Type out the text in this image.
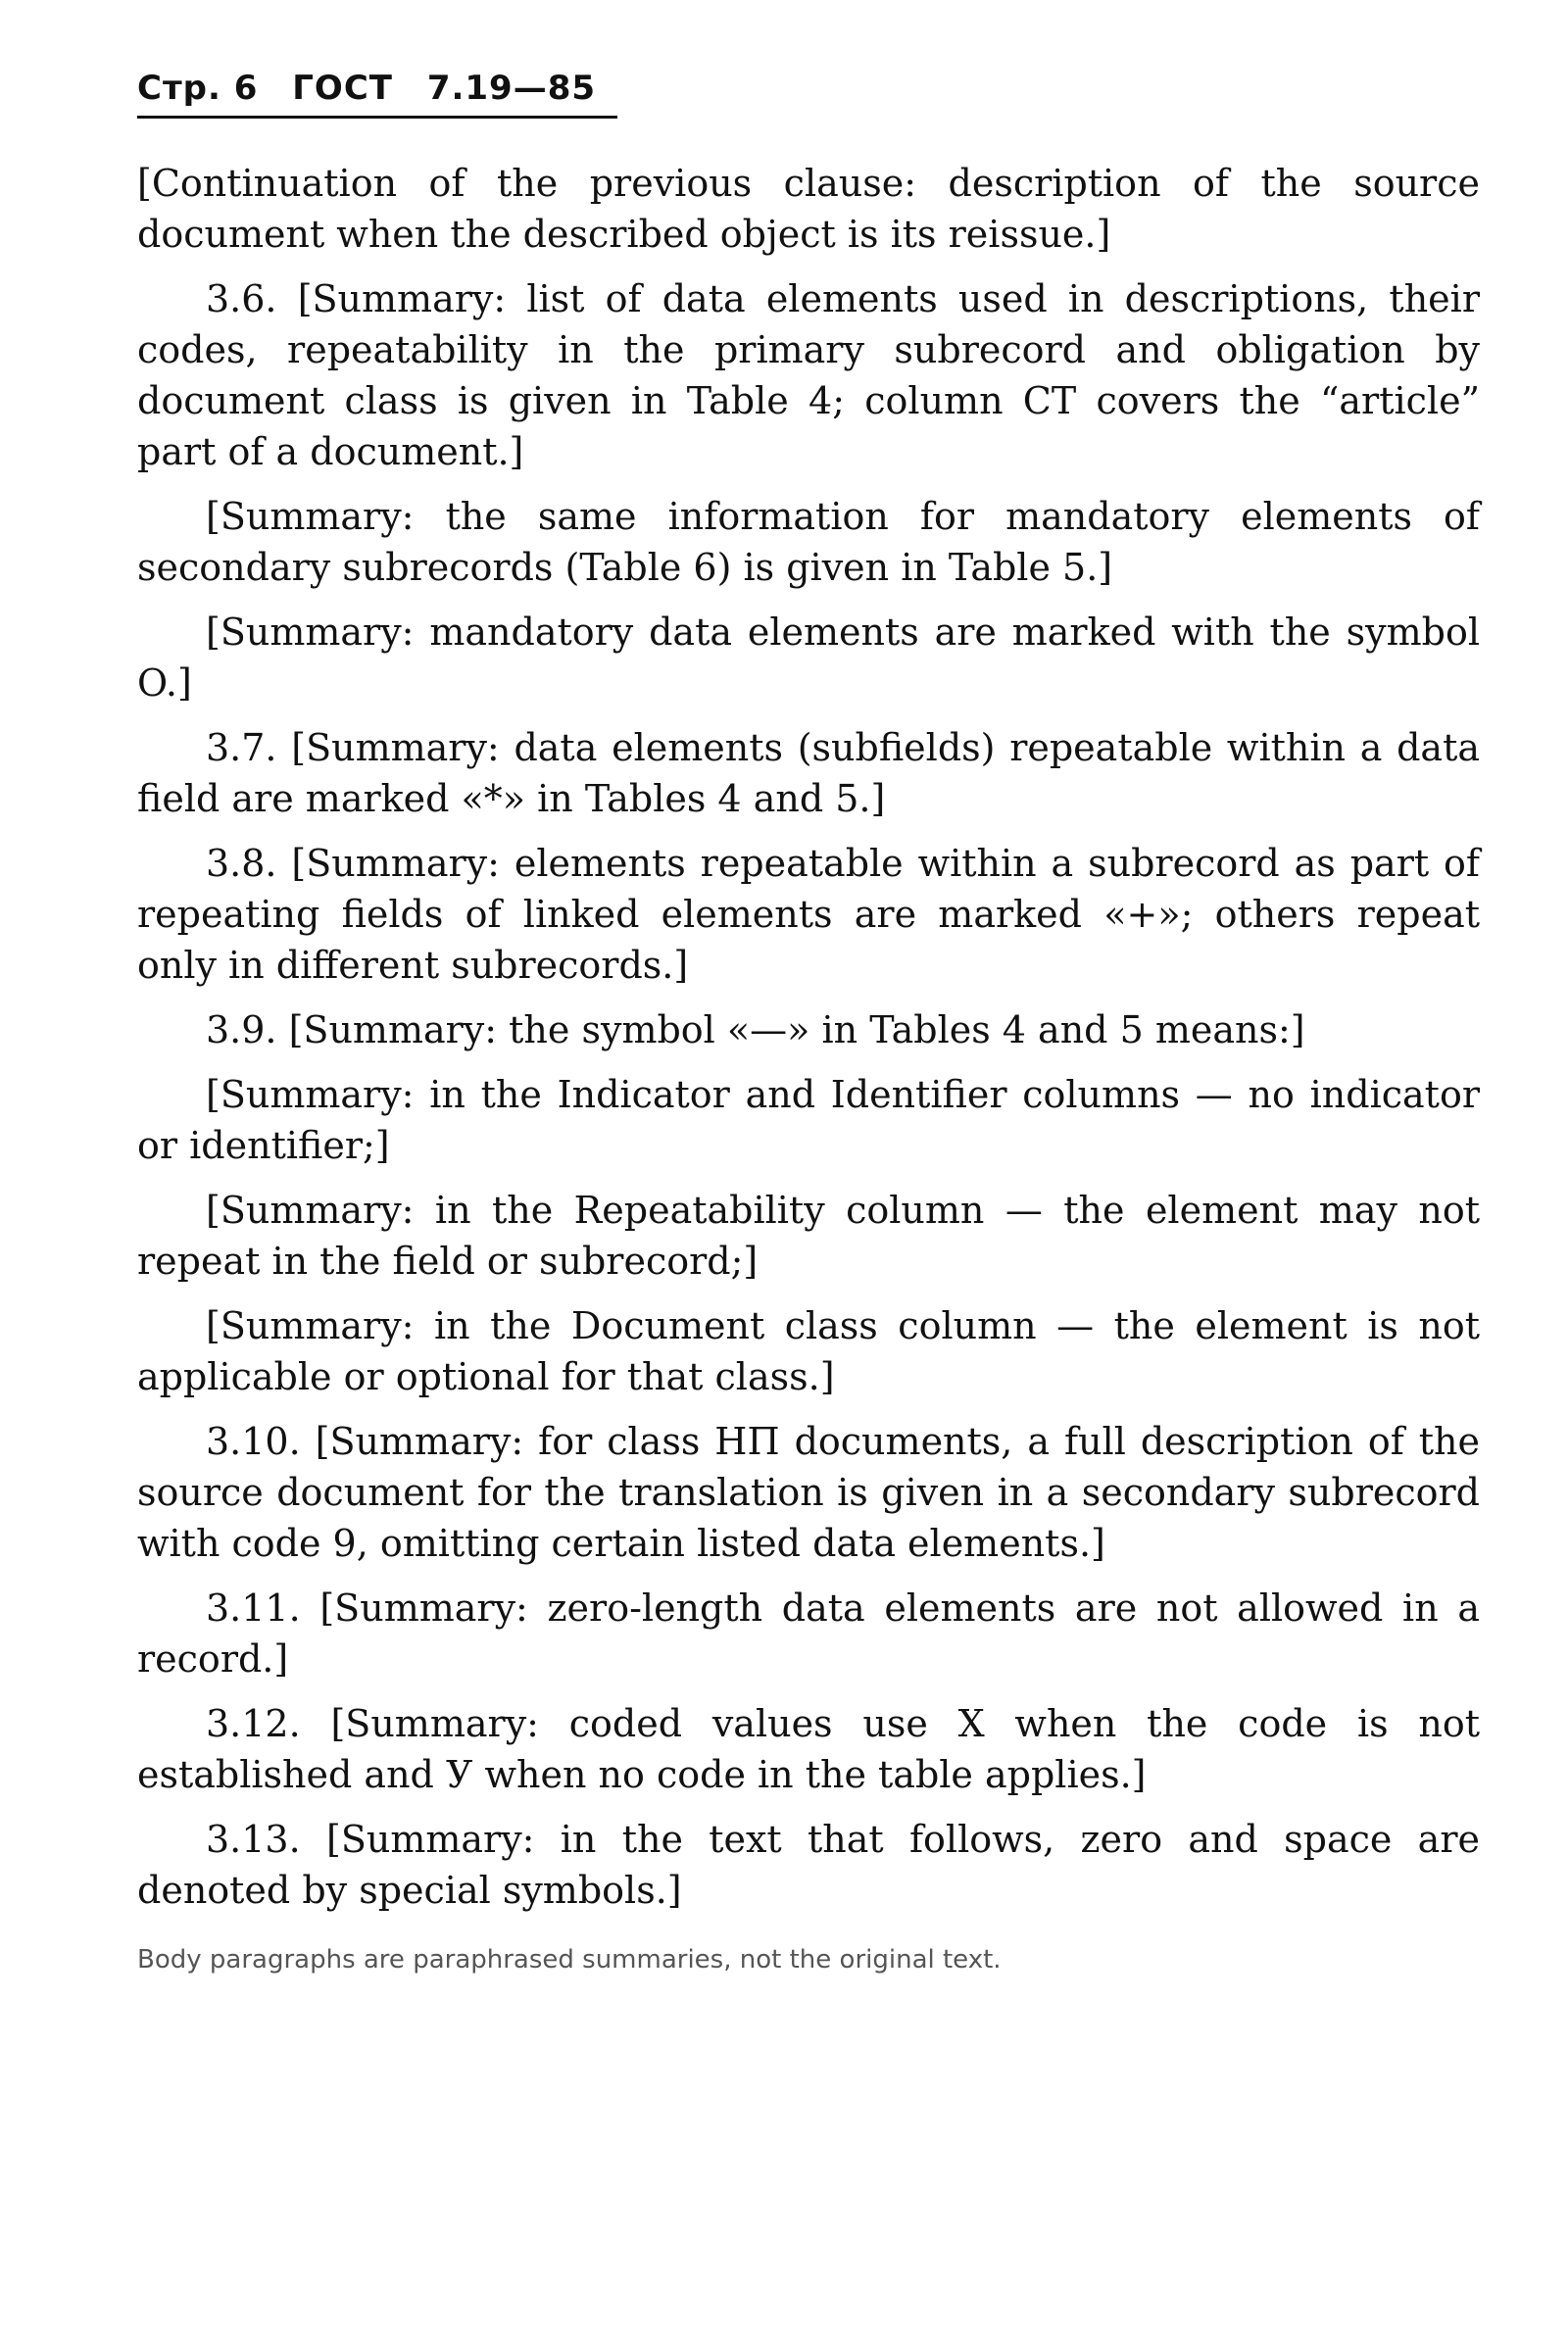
Стр. 6 ГОСТ 7.19—85

[Continuation of the previous clause: description of the source document when the described object is its reissue.]

3.6. [Summary: list of data elements used in descriptions, their codes, repeatability in the primary subrecord and obligation by document class is given in Table 4; column CT covers the “article” part of a document.]

[Summary: the same information for mandatory elements of secondary subrecords (Table 6) is given in Table 5.]

[Summary: mandatory data elements are marked with the symbol O.]

3.7. [Summary: data elements (subfields) repeatable within a data field are marked «*» in Tables 4 and 5.]

3.8. [Summary: elements repeatable within a subrecord as part of repeating fields of linked elements are marked «+»; others repeat only in different subrecords.]

3.9. [Summary: the symbol «—» in Tables 4 and 5 means:]

[Summary: in the Indicator and Identifier columns — no indicator or identifier;]

[Summary: in the Repeatability column — the element may not repeat in the field or subrecord;]

[Summary: in the Document class column — the element is not applicable or optional for that class.]

3.10. [Summary: for class НП documents, a full description of the source document for the translation is given in a secondary subrecord with code 9, omitting certain listed data elements.]

3.11. [Summary: zero-length data elements are not allowed in a record.]

3.12. [Summary: coded values use X when the code is not established and У when no code in the table applies.]

3.13. [Summary: in the text that follows, zero and space are denoted by special symbols.]

Body paragraphs are paraphrased summaries, not the original text.
